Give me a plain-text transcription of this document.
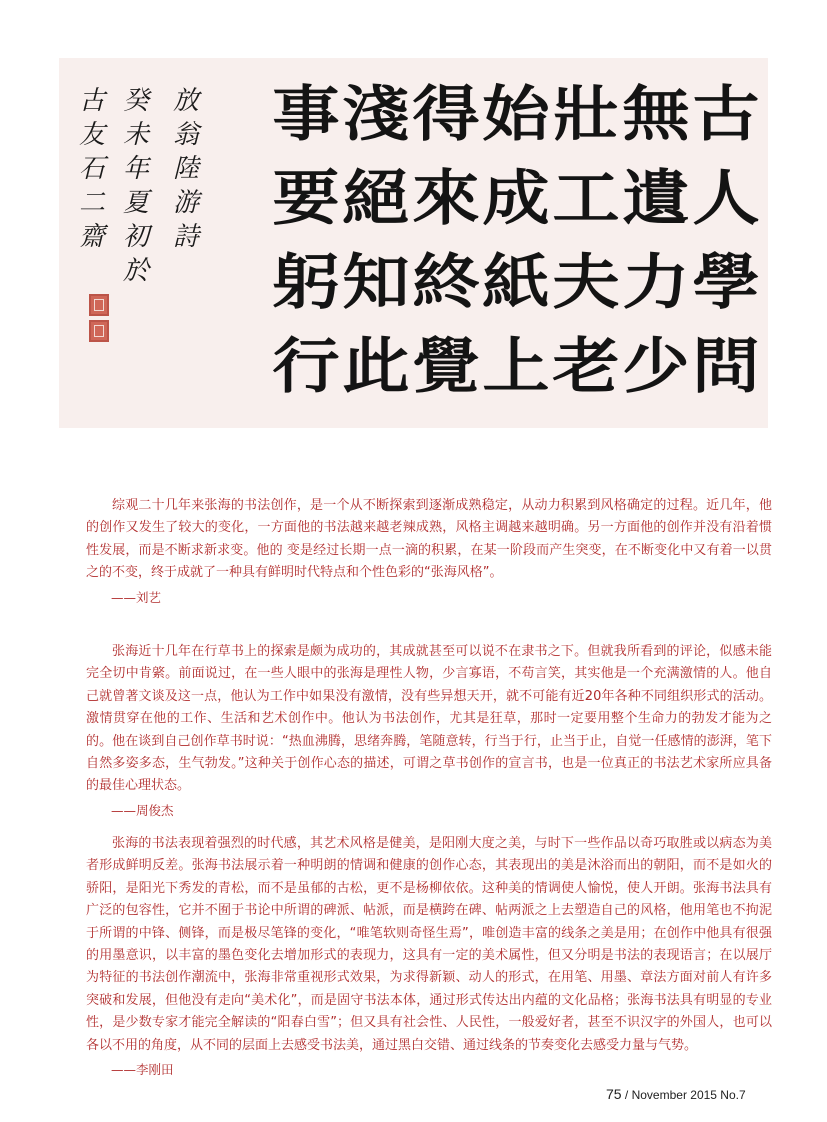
古
人
學
問
無
遺
力
少
壯
工
夫
老
始
成
紙
上
得
來
終
覺
淺
絕
知
此
事
要
躬
行
放
翁
陸
游
詩
癸
未
年
夏
初
於
古
友
石
二
齋

综观二十几年来张海的书法创作，是一个从不断探索到逐渐成熟稳定，从动力积累到风格确定的过程。近几年，他的创作又发生了较大的变化，一方面他的书法越来越老辣成熟，风格主调越来越明确。另一方面他的创作并没有沿着惯性发展，而是不断求新求变。他的 变是经过长期一点一滴的积累，在某一阶段而产生突变，在不断变化中又有着一以贯之的不变，终于成就了一种具有鲜明时代特点和个性色彩的“张海风格”。

——刘艺

张海近十几年在行草书上的探索是颇为成功的，其成就甚至可以说不在隶书之下。但就我所看到的评论，似感未能完全切中肯綮。前面说过，在一些人眼中的张海是理性人物，少言寡语，不苟言笑，其实他是一个充满激情的人。他自己就曾著文谈及这一点，他认为工作中如果没有激情，没有些异想天开，就不可能有近20年各种不同组织形式的活动。激情贯穿在他的工作、生活和艺术创作中。他认为书法创作，尤其是狂草，那时一定要用整个生命力的勃发才能为之的。他在谈到自己创作草书时说：“热血沸腾，思绪奔腾，笔随意转，行当于行，止当于止，自觉一任感情的澎湃，笔下自然多姿多态，生气勃发。”这种关于创作心态的描述，可谓之草书创作的宣言书，也是一位真正的书法艺术家所应具备的最佳心理状态。

——周俊杰

张海的书法表现着强烈的时代感，其艺术风格是健美，是阳刚大度之美，与时下一些作品以奇巧取胜或以病态为美者形成鲜明反差。张海书法展示着一种明朗的情调和健康的创作心态，其表现出的美是沐浴而出的朝阳，而不是如火的骄阳，是阳光下秀发的青松，而不是虽郁的古松，更不是杨柳依依。这种美的情调使人愉悦，使人开朗。张海书法具有广泛的包容性，它并不囿于书论中所谓的碑派、帖派，而是横跨在碑、帖两派之上去塑造自己的风格，他用笔也不拘泥于所谓的中锋、侧锋，而是极尽笔锋的变化，“唯笔软则奇怪生焉”，唯创造丰富的线条之美是用；在创作中他具有很强的用墨意识，以丰富的墨色变化去增加形式的表现力，这具有一定的美术属性，但又分明是书法的表现语言；在以展厅为特征的书法创作潮流中，张海非常重视形式效果，为求得新颖、动人的形式，在用笔、用墨、章法方面对前人有许多突破和发展，但他没有走向“美术化”，而是固守书法本体，通过形式传达出内蕴的文化品格；张海书法具有明显的专业性，是少数专家才能完全解读的“阳春白雪”；但又具有社会性、人民性，一般爱好者，甚至不识汉字的外国人，也可以各以不用的角度，从不同的层面上去感受书法美，通过黑白交错、通过线条的节奏变化去感受力量与气势。

——李刚田
75 / November 2015 No.7
